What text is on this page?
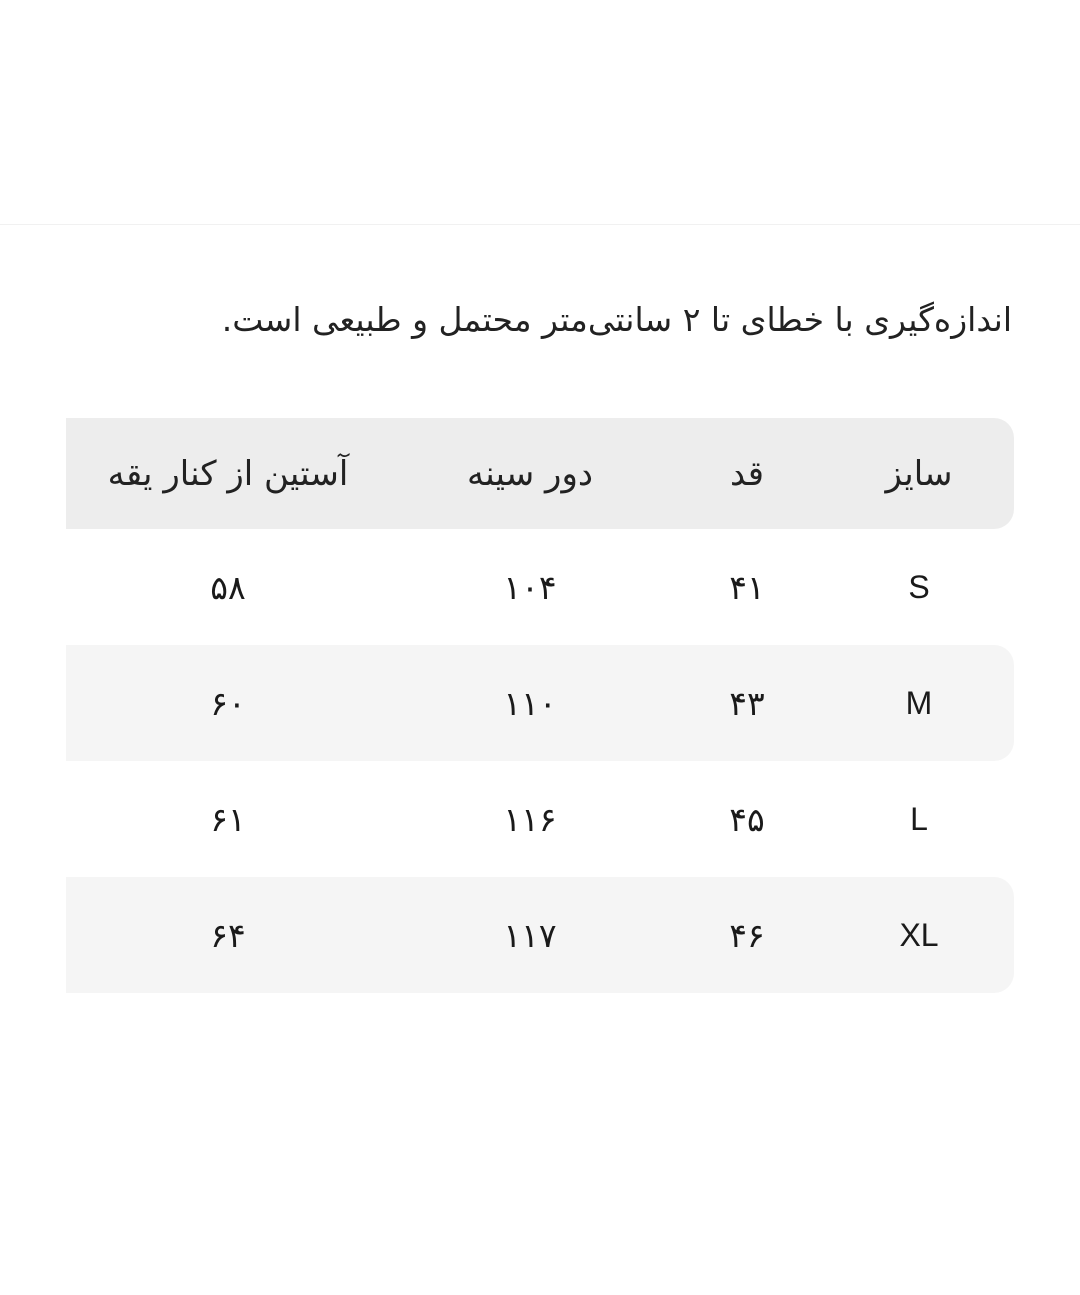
اندازه‌گیری با خطای تا ۲ سانتی‌متر محتمل و طبیعی است.
سایز
قد
دور سینه
آستین از کنار یقه
S
۴۱
۱۰۴
۵۸
M
۴۳
۱۱۰
۶۰
L
۴۵
۱۱۶
۶۱
XL
۴۶
۱۱۷
۶۴
